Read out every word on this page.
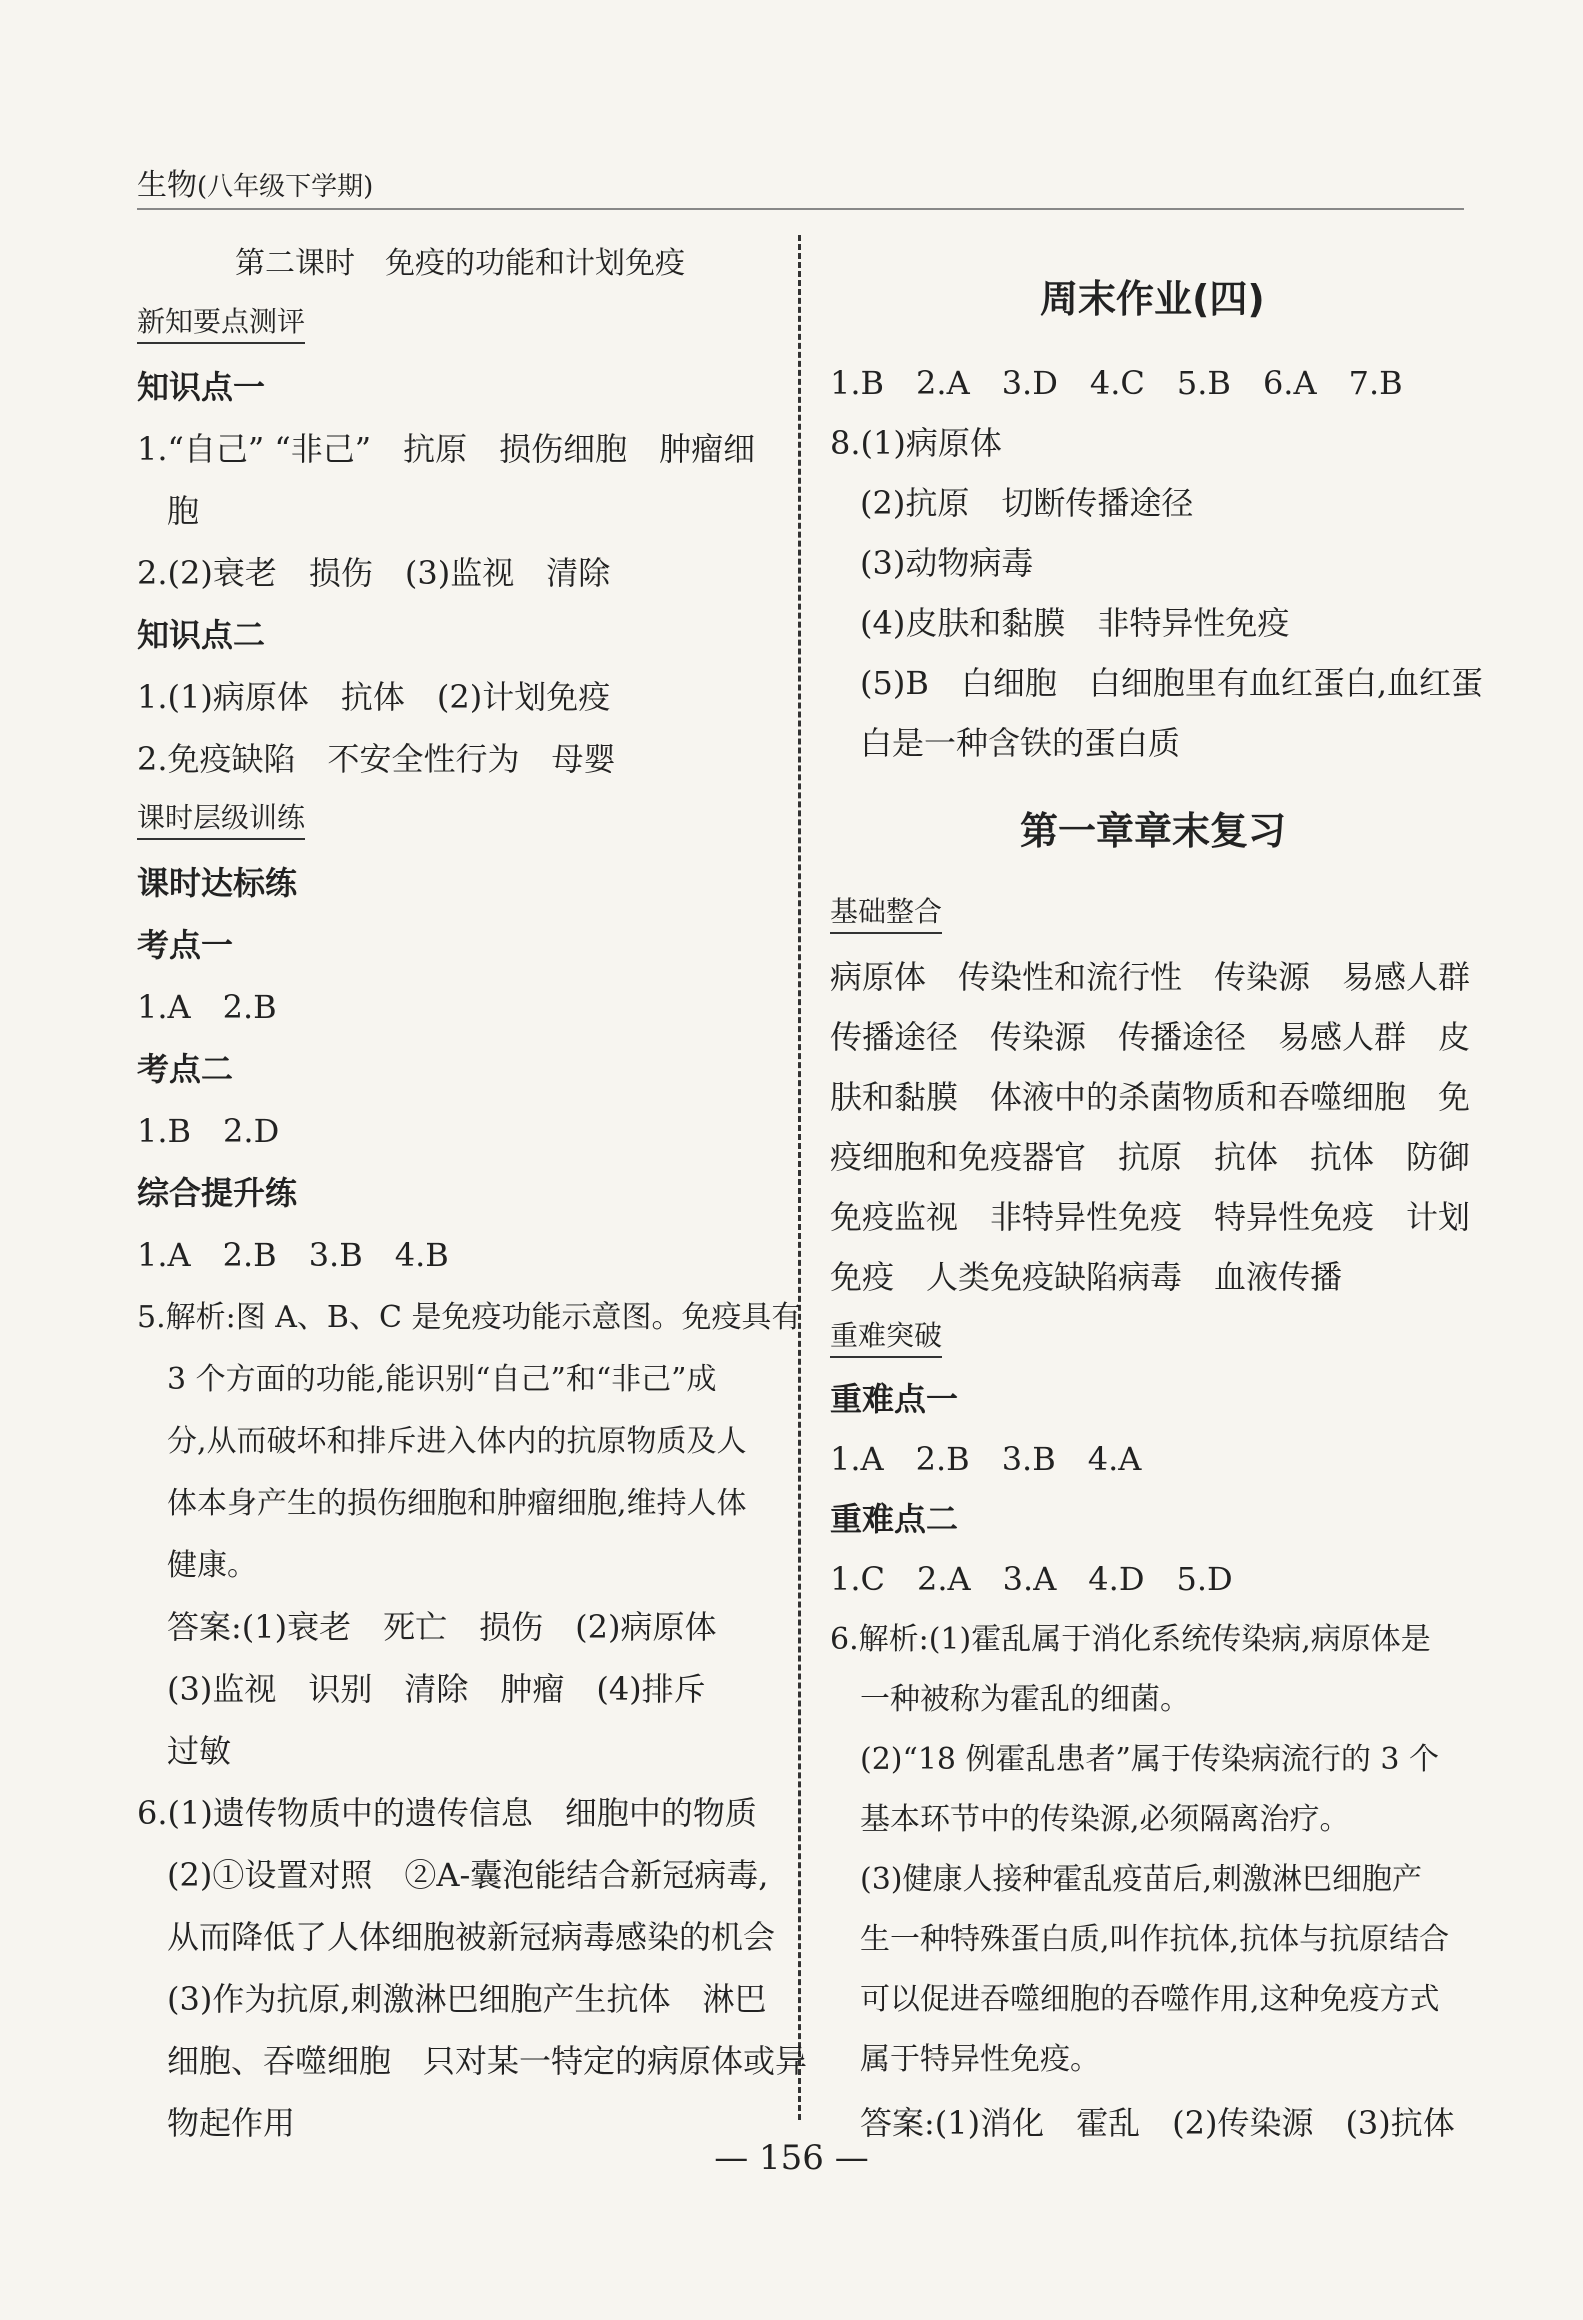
生物(八年级下学期)
— 156 —
第二课时　免疫的功能和计划免疫
新知要点测评
知识点一
1.“自己” “非己”　抗原　损伤细胞　肿瘤细
胞
2.(2)衰老　损伤　(3)监视　清除
知识点二
1.(1)病原体　抗体　(2)计划免疫
2.免疫缺陷　不安全性行为　母婴
课时层级训练
课时达标练
考点一
1.A　2.B
考点二
1.B　2.D
综合提升练
1.A　2.B　3.B　4.B
5.解析:图 A、B、C 是免疫功能示意图。免疫具有
3 个方面的功能,能识别“自己”和“非己”成
分,从而破坏和排斥进入体内的抗原物质及人
体本身产生的损伤细胞和肿瘤细胞,维持人体
健康。
答案:(1)衰老　死亡　损伤　(2)病原体
(3)监视　识别　清除　肿瘤　(4)排斥
过敏
6.(1)遗传物质中的遗传信息　细胞中的物质
(2)①设置对照　②A-囊泡能结合新冠病毒,
从而降低了人体细胞被新冠病毒感染的机会
(3)作为抗原,刺激淋巴细胞产生抗体　淋巴
细胞、吞噬细胞　只对某一特定的病原体或异
物起作用
周末作业(四)
1.B　2.A　3.D　4.C　5.B　6.A　7.B
8.(1)病原体
(2)抗原　切断传播途径
(3)动物病毒
(4)皮肤和黏膜　非特异性免疫
(5)B　白细胞　白细胞里有血红蛋白,血红蛋
白是一种含铁的蛋白质
第一章章末复习
基础整合
病原体　传染性和流行性　传染源　易感人群
传播途径　传染源　传播途径　易感人群　皮
肤和黏膜　体液中的杀菌物质和吞噬细胞　免
疫细胞和免疫器官　抗原　抗体　抗体　防御
免疫监视　非特异性免疫　特异性免疫　计划
免疫　人类免疫缺陷病毒　血液传播
重难突破
重难点一
1.A　2.B　3.B　4.A
重难点二
1.C　2.A　3.A　4.D　5.D
6.解析:(1)霍乱属于消化系统传染病,病原体是
一种被称为霍乱的细菌。
(2)“18 例霍乱患者”属于传染病流行的 3 个
基本环节中的传染源,必须隔离治疗。
(3)健康人接种霍乱疫苗后,刺激淋巴细胞产
生一种特殊蛋白质,叫作抗体,抗体与抗原结合
可以促进吞噬细胞的吞噬作用,这种免疫方式
属于特异性免疫。
答案:(1)消化　霍乱　(2)传染源　(3)抗体
